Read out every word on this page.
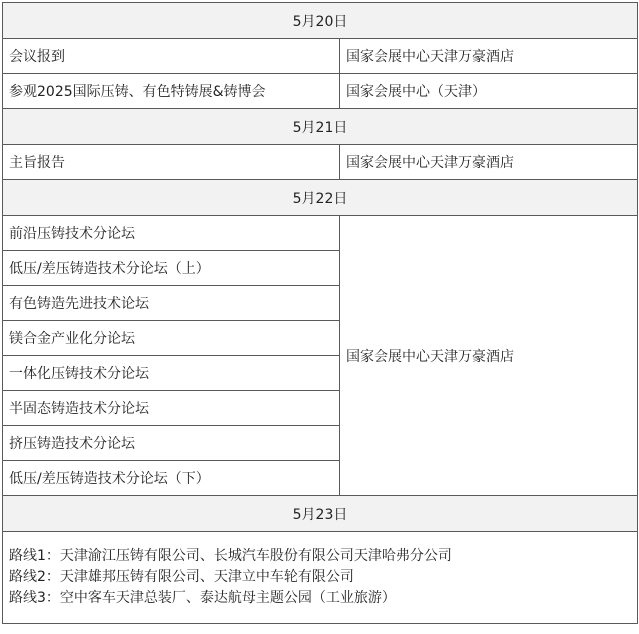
5月20日	
会议报到	国家会展中心天津万豪酒店
参观2025国际压铸、有色特铸展&铸博会	国家会展中心（天津）
5月21日	
主旨报告	国家会展中心天津万豪酒店
5月22日	
前沿压铸技术分论坛	国家会展中心天津万豪酒店
低压/差压铸造技术分论坛（上）	
有色铸造先进技术论坛	
镁合金产业化分论坛	
一体化压铸技术分论坛	
半固态铸造技术分论坛	
挤压铸造技术分论坛	
低压/差压铸造技术分论坛（下）	
5月23日	

路线1：天津渝江压铸有限公司、长城汽车股份有限公司天津哈弗分公司
路线2：天津雄邦压铸有限公司、天津立中车轮有限公司
路线3：空中客车天津总装厂、泰达航母主题公园（工业旅游）	
